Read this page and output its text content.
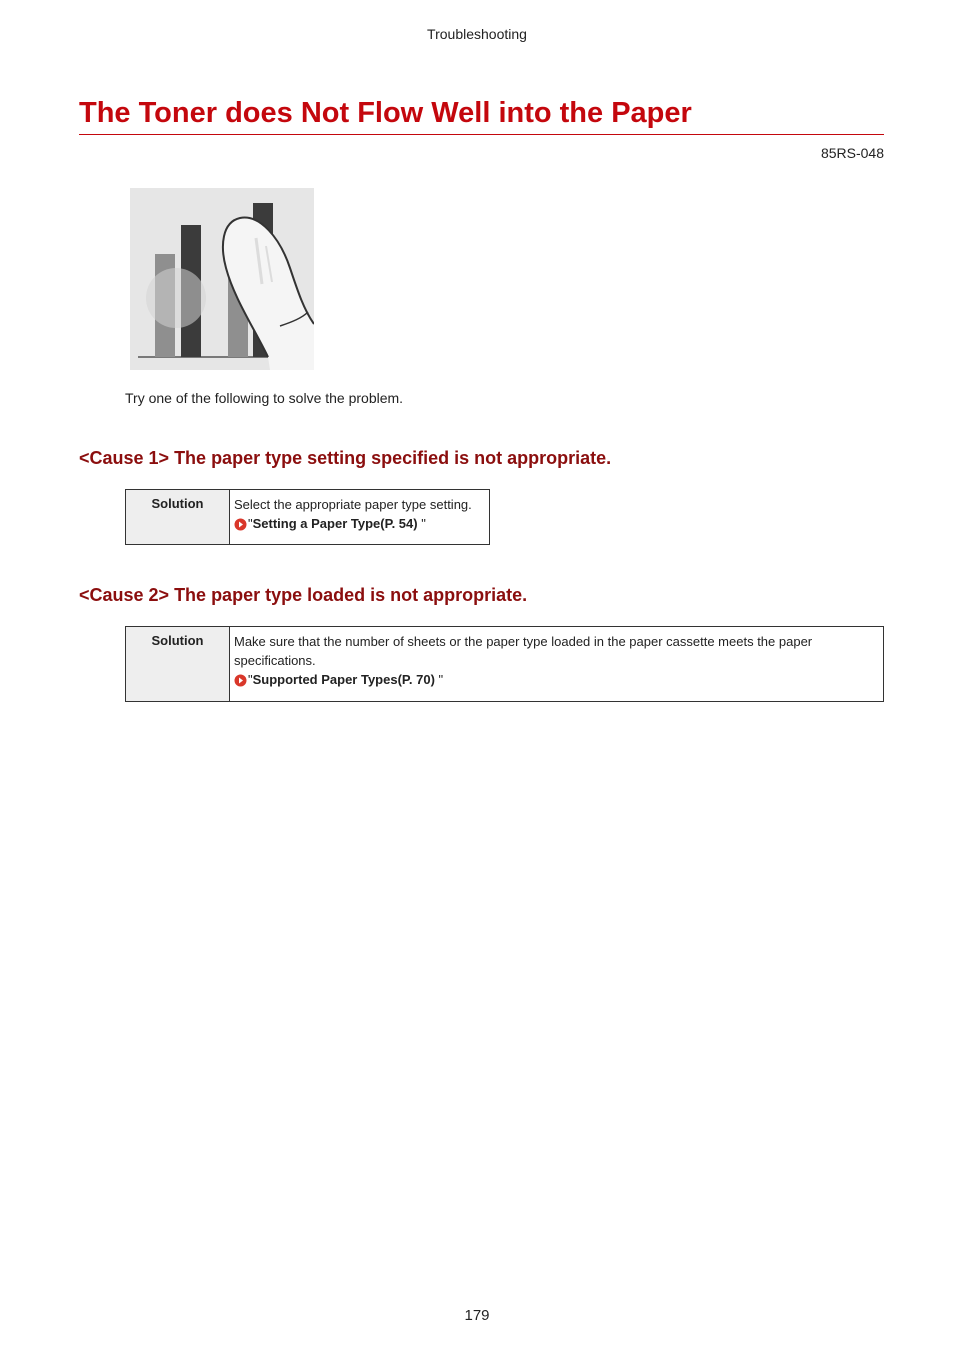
Troubleshooting
The Toner does Not Flow Well into the Paper
85RS-048
Try one of the following to solve the problem.
<Cause 1> The paper type setting specified is not appropriate.
Solution	Select the appropriate paper type setting.
" Setting a Paper Type(P. 54) "
<Cause 2> The paper type loaded is not appropriate.
Solution	Make sure that the number of sheets or the paper type loaded in the paper cassette meets the paper specifications.
" Supported Paper Types(P. 70) "
179
